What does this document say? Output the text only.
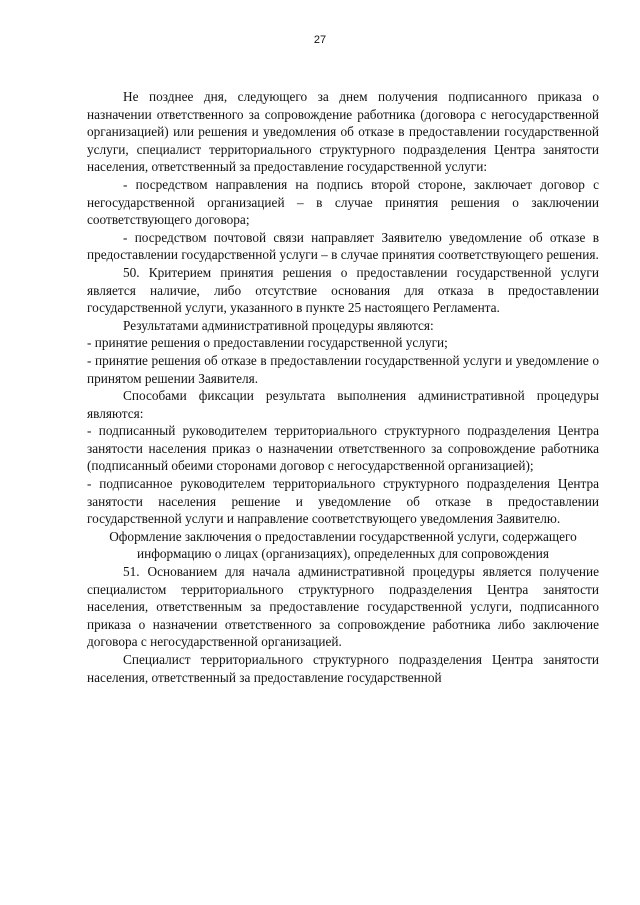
27

Не позднее дня, следующего за днем получения подписанного приказа о назначении ответственного за сопровождение работника (договора с негосударственной организацией) или решения и уведомления об отказе в предоставлении государственной услуги, специалист территориального структурного подразделения Центра занятости населения, ответственный за предоставление государственной услуги:

- посредством направления на подпись второй стороне, заключает договор с негосударственной организацией – в случае принятия решения о заключении соответствующего договора;

- посредством почтовой связи направляет Заявителю уведомление об отказе в предоставлении государственной услуги – в случае принятия соответствующего решения.

50. Критерием принятия решения о предоставлении государственной услуги является наличие, либо отсутствие основания для отказа в предоставлении государственной услуги, указанного в пункте 25 настоящего Регламента.

Результатами административной процедуры являются:

- принятие решения о предоставлении государственной услуги;

- принятие решения об отказе в предоставлении государственной услуги и уведомление о принятом решении Заявителя.

Способами фиксации результата выполнения административной процедуры являются:

- подписанный руководителем территориального структурного подразделения Центра занятости населения приказ о назначении ответственного за сопровождение работника (подписанный обеими сторонами договор с негосударственной организацией);

- подписанное руководителем территориального структурного подразделения Центра занятости населения решение и уведомление об отказе в предоставлении государственной услуги и направление соответствующего уведомления Заявителю.

Оформление заключения о предоставлении государственной услуги, содержащего информацию о лицах (организациях), определенных для сопровождения

51. Основанием для начала административной процедуры является получение специалистом территориального структурного подразделения Центра занятости населения, ответственным за предоставление государственной услуги, подписанного приказа о назначении ответственного за сопровождение работника либо заключение договора с негосударственной организацией.

Специалист территориального структурного подразделения Центра занятости населения, ответственный за предоставление государственной
